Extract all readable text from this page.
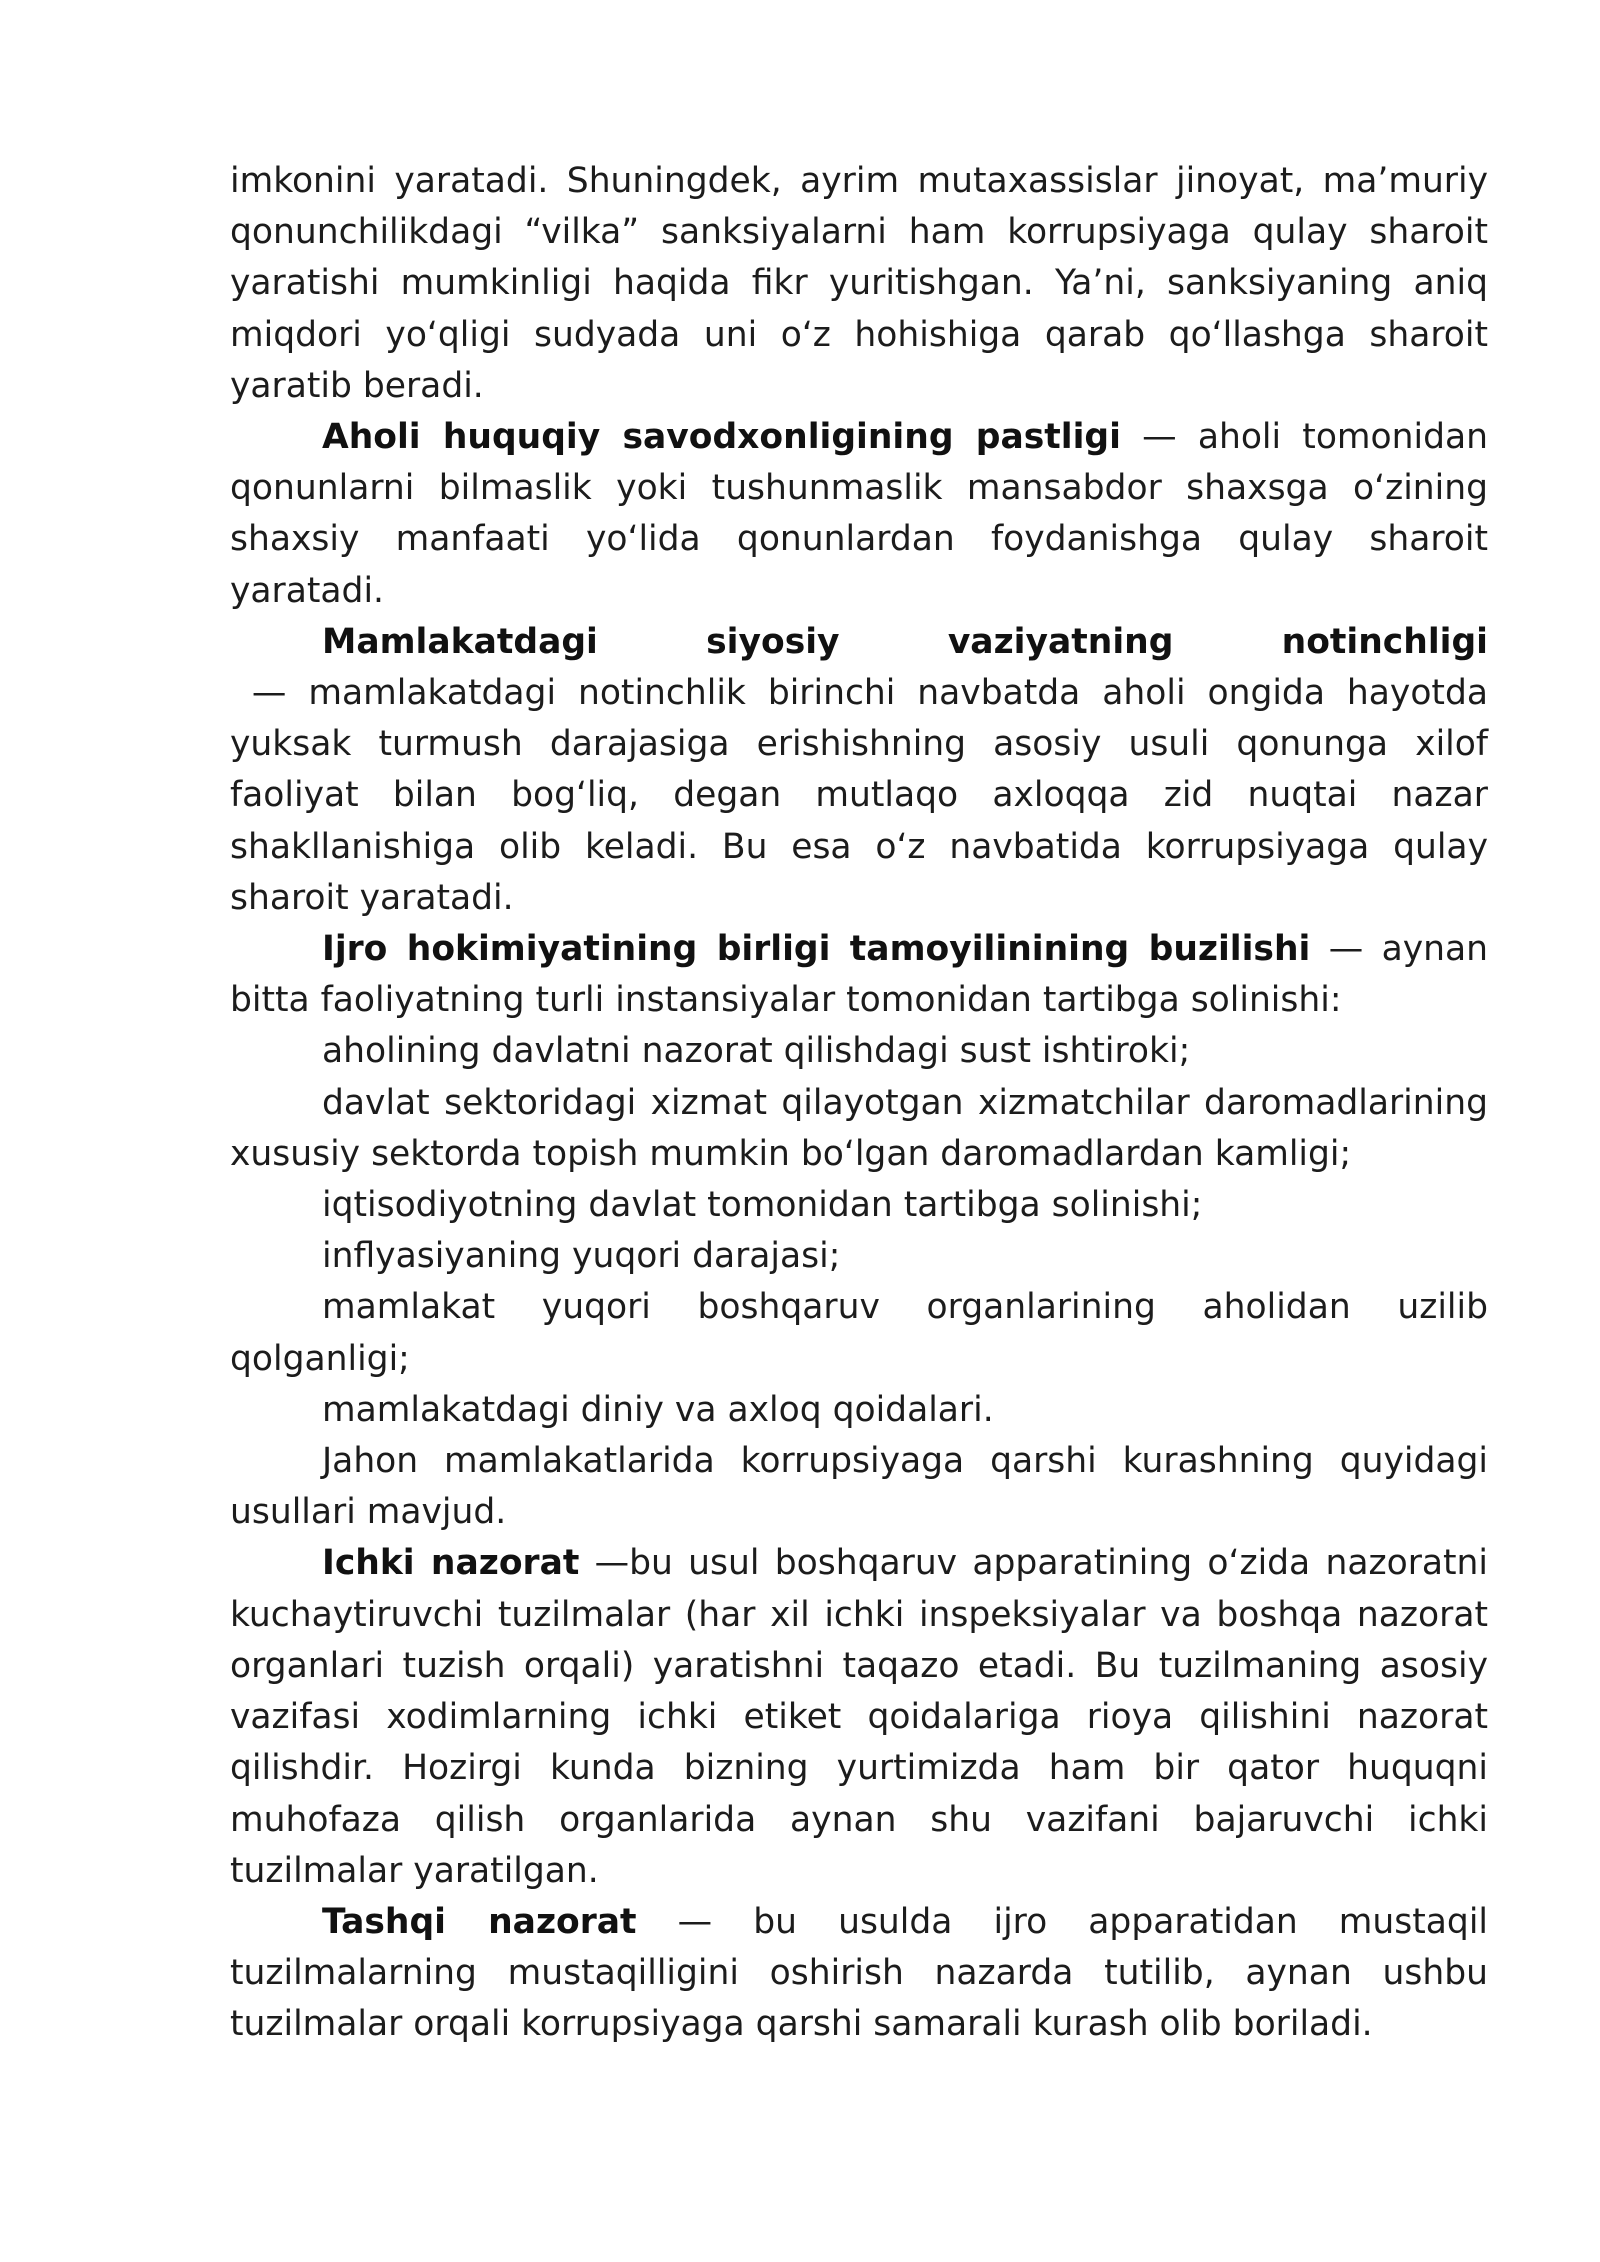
imkonini yaratadi. Shuningdek, ayrim mutaxassislar jinoyat, ma’muriy qonunchilikdagi “vilka” sanksiyalarni ham korrupsiyaga qulay sharoit yaratishi mumkinligi haqida fikr yuritishgan. Ya’ni, sanksiyaning aniq miqdori yo‘qligi sudyada uni o‘z hohishiga qarab qo‘llashga sharoit yaratib beradi.

Aholi huquqiy savodxonligining pastligi — aholi tomonidan qonunlarni bilmaslik yoki tushunmaslik mansabdor shaxsga o‘zining shaxsiy manfaati yo‘lida qonunlardan foydanishga qulay sharoit yaratadi.

Mamlakatdagi siyosiy vaziyatning notinchligi — mamlakatdagi notinchlik birinchi navbatda aholi ongida hayotda yuksak turmush darajasiga erishishning asosiy usuli qonunga xilof faoliyat bilan bog‘liq, degan mutlaqo axloqqa zid nuqtai nazar shakllanishiga olib keladi. Bu esa o‘z navbatida korrupsiyaga qulay sharoit yaratadi.

Ijro hokimiyatining birligi tamoyilinining buzilishi — aynan bitta faoliyatning turli instansiyalar tomonidan tartibga solinishi:

aholining davlatni nazorat qilishdagi sust ishtiroki;

davlat sektoridagi xizmat qilayotgan xizmatchilar daromadlarining xususiy sektorda topish mumkin bo‘lgan daromadlardan kamligi;

iqtisodiyotning davlat tomonidan tartibga solinishi;

inflyasiyaning yuqori darajasi;

mamlakat yuqori boshqaruv organlarining aholidan uzilib qolganligi;

mamlakatdagi diniy va axloq qoidalari.

Jahon mamlakatlarida korrupsiyaga qarshi kurashning quyidagi usullari mavjud.

Ichki nazorat —bu usul boshqaruv apparatining o‘zida nazoratni kuchaytiruvchi tuzilmalar (har xil ichki inspeksiyalar va boshqa nazorat organlari tuzish orqali) yaratishni taqazo etadi. Bu tuzilmaning asosiy vazifasi xodimlarning ichki etiket qoidalariga rioya qilishini nazorat qilishdir. Hozirgi kunda bizning yurtimizda ham bir qator huquqni muhofaza qilish organlarida aynan shu vazifani bajaruvchi ichki tuzilmalar yaratilgan.

Tashqi nazorat — bu usulda ijro apparatidan mustaqil tuzilmalarning mustaqilligini oshirish nazarda tutilib, aynan ushbu tuzilmalar orqali korrupsiyaga qarshi samarali kurash olib boriladi.
